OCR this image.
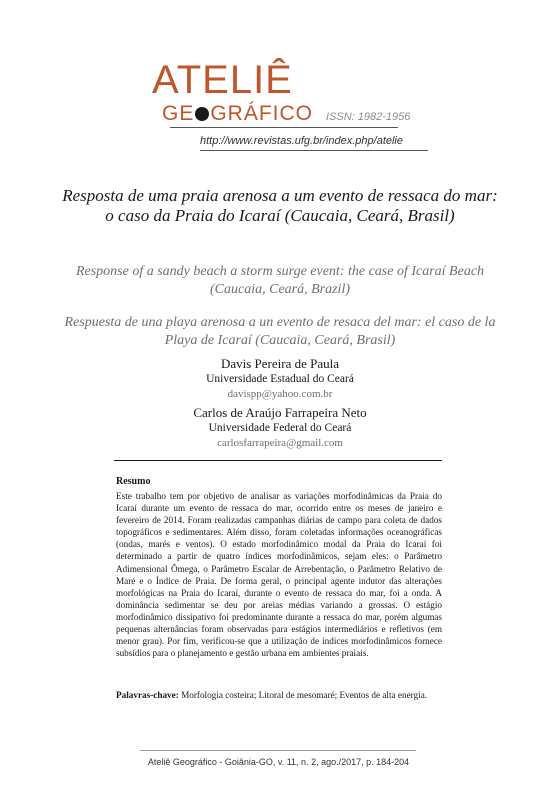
ATELIÊ
GE GRÁFICO ISSN: 1982-1956
http://www.revistas.ufg.br/index.php/atelie
Resposta de uma praia arenosa a um evento de ressaca do mar: o caso da Praia do Icaraí (Caucaia, Ceará, Brasil)
Response of a sandy beach a storm surge event: the case of Icaraí Beach (Caucaia, Ceará, Brazil)
Respuesta de una playa arenosa a un evento de resaca del mar: el caso de la Playa de Icaraí (Caucaia, Ceará, Brasil)
Davis Pereira de Paula
Universidade Estadual do Ceará
davispp@yahoo.com.br
Carlos de Araújo Farrapeira Neto
Universidade Federal do Ceará
carlosfarrapeira@gmail.com
Resumo
Este trabalho tem por objetivo de analisar as variações morfodinâmicas da Praia do Icaraí durante um evento de ressaca do mar, ocorrido entre os meses de janeiro e fevereiro de 2014. Foram realizadas campanhas diárias de campo para coleta de dados topográficos e sedimentares. Além disso, foram coletadas informações oceanográficas (ondas, marés e ventos). O estado morfodinâmico modal da Praia do Icaraí foi determinado a partir de quatro índices morfodinâmicos, sejam eles: o Parâmetro Adimensional Ômega, o Parâmetro Escalar de Arrebentação, o Parâmetro Relativo de Maré e o Índice de Praia. De forma geral, o principal agente indutor das alterações morfológicas na Praia do Icaraí, durante o evento de ressaca do mar, foi a onda. A dominância sedimentar se deu por areias médias variando a grossas. O estágio morfodinâmico dissipativo foi predominante durante a ressaca do mar, porém algumas pequenas alternâncias foram observadas para estágios intermediários e refletivos (em menor grau). Por fim, verificou-se que a utilização de índices morfodinâmicos fornece subsídios para o planejamento e gestão urbana em ambientes praiais.
Palavras-chave: Morfologia costeira; Litoral de mesomaré; Eventos de alta energia.
Ateliê Geográfico - Goiânia-GO, v. 11, n. 2, ago./2017, p. 184-204
